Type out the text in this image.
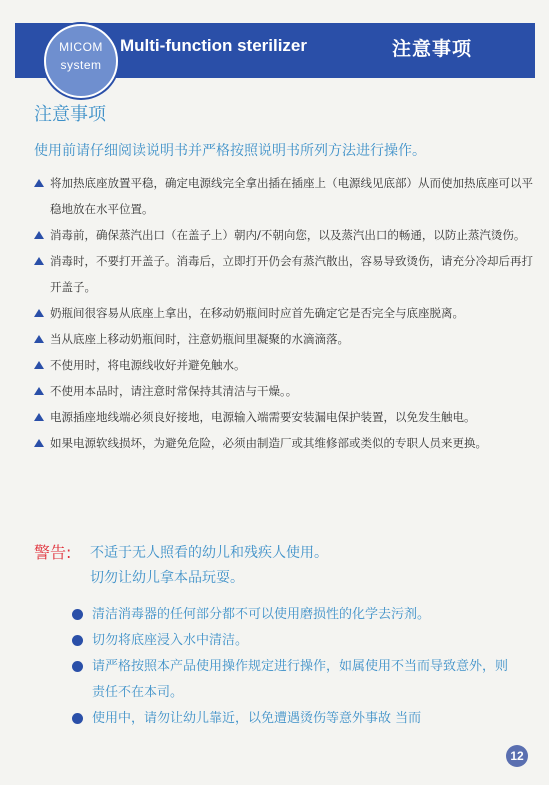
Multi-function sterilizer	注意事项
MICOM
system
注意事项
使用前请仔细阅读说明书并严格按照说明书所列方法进行操作。

将加热底座放置平稳，确定电源线完全拿出插在插座上（电源线见底部）从而使加热底座可以平稳地放在水平位置。

消毒前，确保蒸汽出口（在盖子上）朝内/不朝向您，以及蒸汽出口的畅通，以防止蒸汽烫伤。

消毒时，不要打开盖子。消毒后，立即打开仍会有蒸汽散出，容易导致烫伤，请充分冷却后再打开盖子。

奶瓶间很容易从底座上拿出，在移动奶瓶间时应首先确定它是否完全与底座脱离。

当从底座上移动奶瓶间时，注意奶瓶间里凝聚的水滴滴落。

不使用时，将电源线收好并避免触水。

不使用本品时，请注意时常保持其清洁与干燥。。

电源插座地线端必须良好接地，电源输入端需要安装漏电保护装置，以免发生触电。

如果电源软线损坏，为避免危险，必须由制造厂或其维修部或类似的专职人员来更换。

警告: 不适于无人照看的幼儿和残疾人使用。
切勿让幼儿拿本品玩耍。

清洁消毒器的任何部分都不可以使用磨损性的化学去污剂。

切勿将底座浸入水中清洁。

请严格按照本产品使用操作规定进行操作，如属使用不当而导致意外，则责任不在本司。

使用中，请勿让幼儿靠近，以免遭遇烫伤等意外事故 当而

12
